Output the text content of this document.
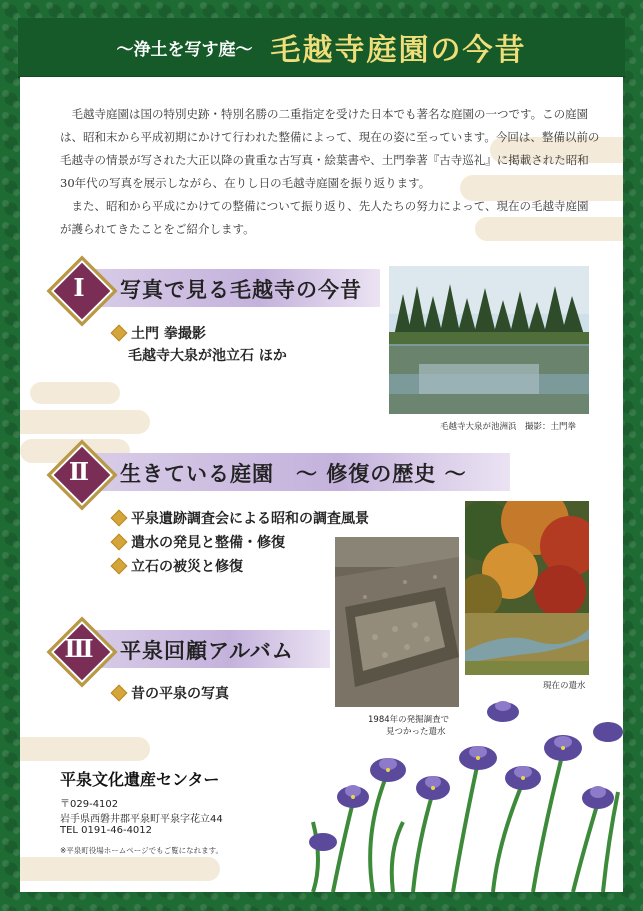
〜浄土を写す庭〜 毛越寺庭園の今昔

毛越寺庭園は国の特別史跡・特別名勝の二重指定を受けた日本でも著名な庭園の一つです。この庭園は、昭和末から平成初期にかけて行われた整備によって、現在の姿に至っています。今回は、整備以前の毛越寺の情景が写された大正以降の貴重な古写真・絵葉書や、土門拳著『古寺巡礼』に掲載された昭和30年代の写真を展示しながら、在りし日の毛越寺庭園を振り返ります。

また、昭和から平成にかけての整備について振り返り、先人たちの努力によって、現在の毛越寺庭園が護られてきたことをご紹介します。

Ⅰ	写真で見る毛越寺の今昔
土門 拳撮影
毛越寺大泉が池立石 ほか
毛越寺大泉が池洲浜　撮影：土門拳
Ⅱ	生きている庭園　〜 修復の歴史 〜
平泉遺跡調査会による昭和の調査風景
遣水の発見と整備・修復
立石の被災と修復
現在の遣水
1984年の発掘調査で
見つかった遣水
Ⅲ	平泉回顧アルバム
昔の平泉の写真
平泉文化遺産センター
〒029-4102
岩手県西磐井郡平泉町平泉字花立44
TEL 0191-46-4012
※平泉町役場ホームページでもご覧になれます。
